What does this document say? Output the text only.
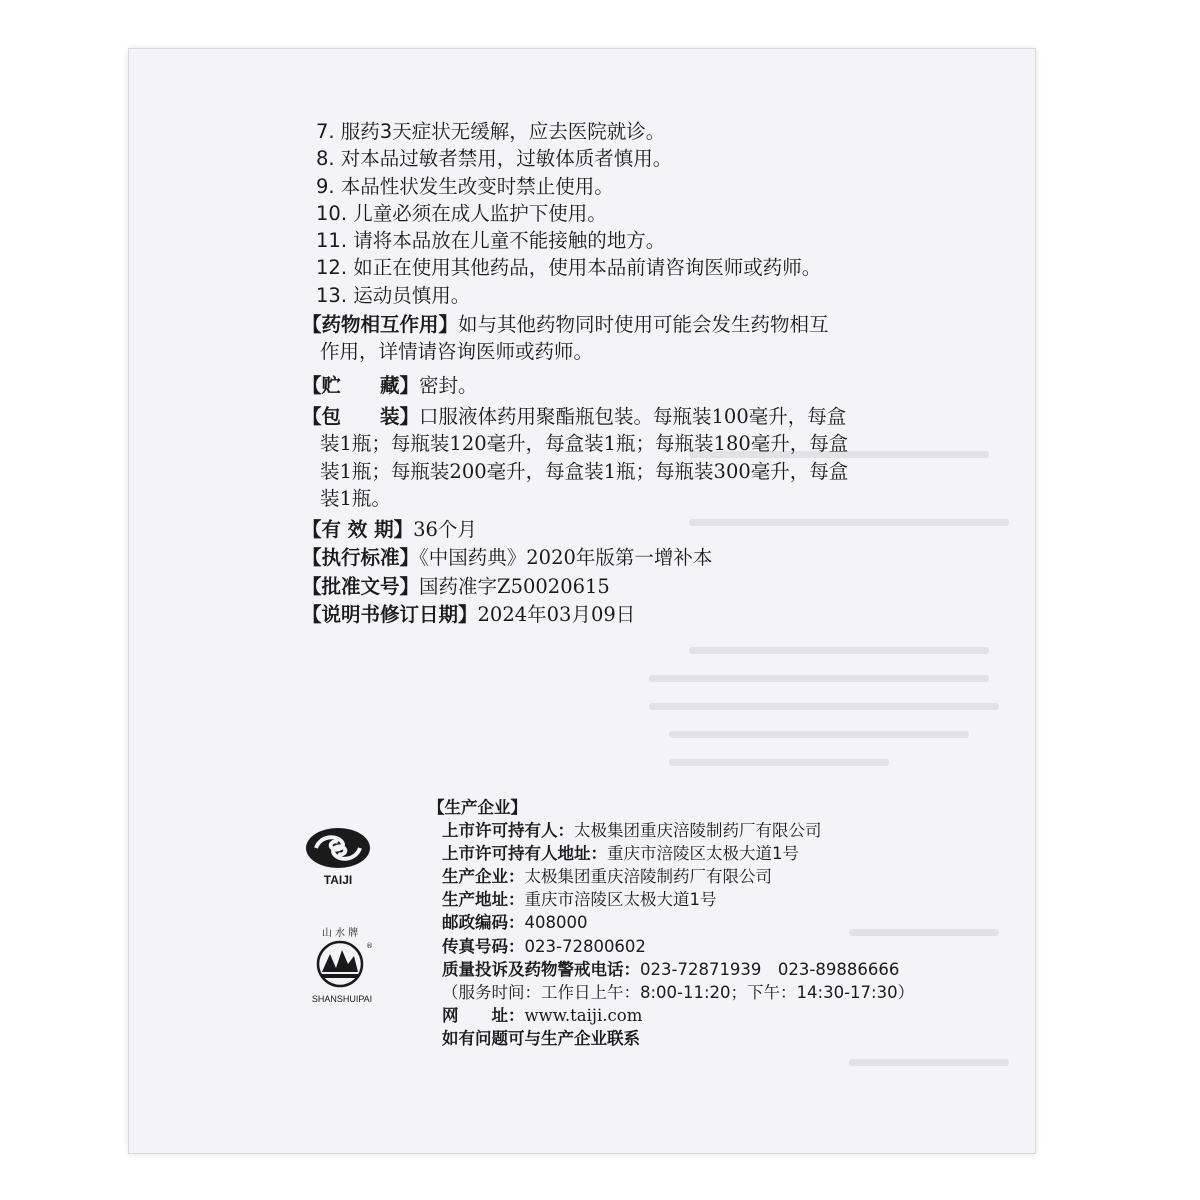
7. 服药3天症状无缓解，应去医院就诊。
8. 对本品过敏者禁用，过敏体质者慎用。
9. 本品性状发生改变时禁止使用。
10. 儿童必须在成人监护下使用。
11. 请将本品放在儿童不能接触的地方。
12. 如正在使用其他药品，使用本品前请咨询医师或药师。
13. 运动员慎用。
【药物相互作用】如与其他药物同时使用可能会发生药物相互
作用，详情请咨询医师或药师。
【贮　　藏】密封。
【包　　装】口服液体药用聚酯瓶包装。每瓶装100毫升，每盒
装1瓶；每瓶装120毫升，每盒装1瓶；每瓶装180毫升，每盒
装1瓶；每瓶装200毫升，每盒装1瓶；每瓶装300毫升，每盒
装1瓶。
【有 效 期】36个月
【执行标准】《中国药典》2020年版第一增补本
【批准文号】国药准字Z50020615
【说明书修订日期】2024年03月09日
TAIJI
山 水 牌
®
SHANSHUIPAI
【生产企业】
上市许可持有人：太极集团重庆涪陵制药厂有限公司
上市许可持有人地址：重庆市涪陵区太极大道1号
生产企业：太极集团重庆涪陵制药厂有限公司
生产地址：重庆市涪陵区太极大道1号
邮政编码：408000
传真号码：023-72800602
质量投诉及药物警戒电话：023-72871939　023-89886666
（服务时间：工作日上午：8:00-11:20；下午：14:30-17:30）
网　　址：www.taiji.com
如有问题可与生产企业联系
